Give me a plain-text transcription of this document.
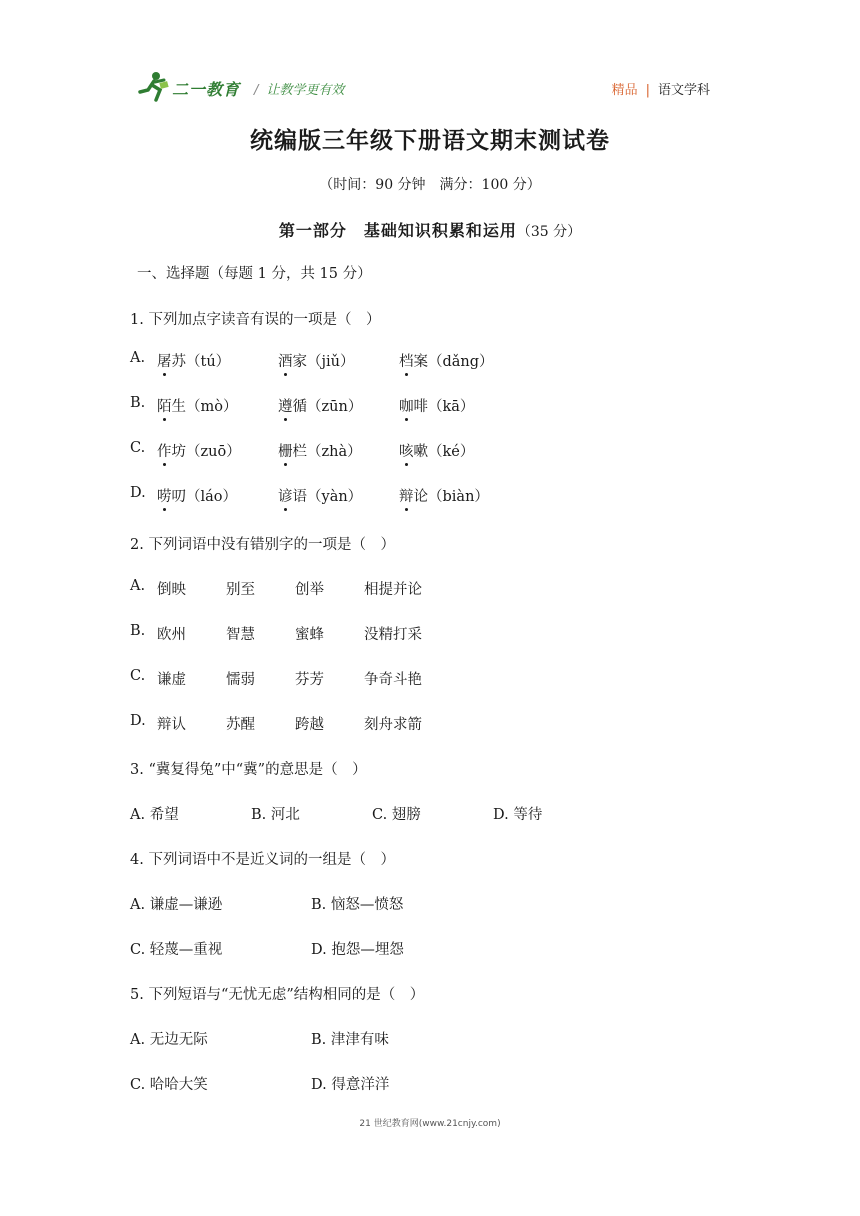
二一教育 / 让教学更有效	精品 | 语文学科
统编版三年级下册语文期末测试卷
（时间：90 分钟　满分：100 分）
第一部分　基础知识积累和运用（35 分）
一、选择题（每题 1 分，共 15 分）
1. 下列加点字读音有误的一项是（　）
A. 屠苏（tú）	酒家（jiǔ）	档案（dǎng）
B. 陌生（mò）	遵循（zūn）	咖啡（kā）
C. 作坊（zuō）	栅栏（zhà）	咳嗽（ké）
D. 唠叨（láo）	谚语（yàn）	辩论（biàn）
2. 下列词语中没有错别字的一项是（　）
A. 倒映	别至	创举	相提并论
B. 欧州	智慧	蜜蜂	没精打采
C. 谦虚	懦弱	芬芳	争奇斗艳
D. 辩认	苏醒	跨越	刻舟求箭
3. “冀复得兔”中“冀”的意思是（　）
A. 希望	B. 河北	C. 翅膀	D. 等待
4. 下列词语中不是近义词的一组是（　）
A. 谦虚—谦逊	B. 恼怒—愤怒
C. 轻蔑—重视	D. 抱怨—埋怨
5. 下列短语与“无忧无虑”结构相同的是（　）
A. 无边无际	B. 津津有味
C. 哈哈大笑	D. 得意洋洋
21 世纪教育网(www.21cnjy.com)
